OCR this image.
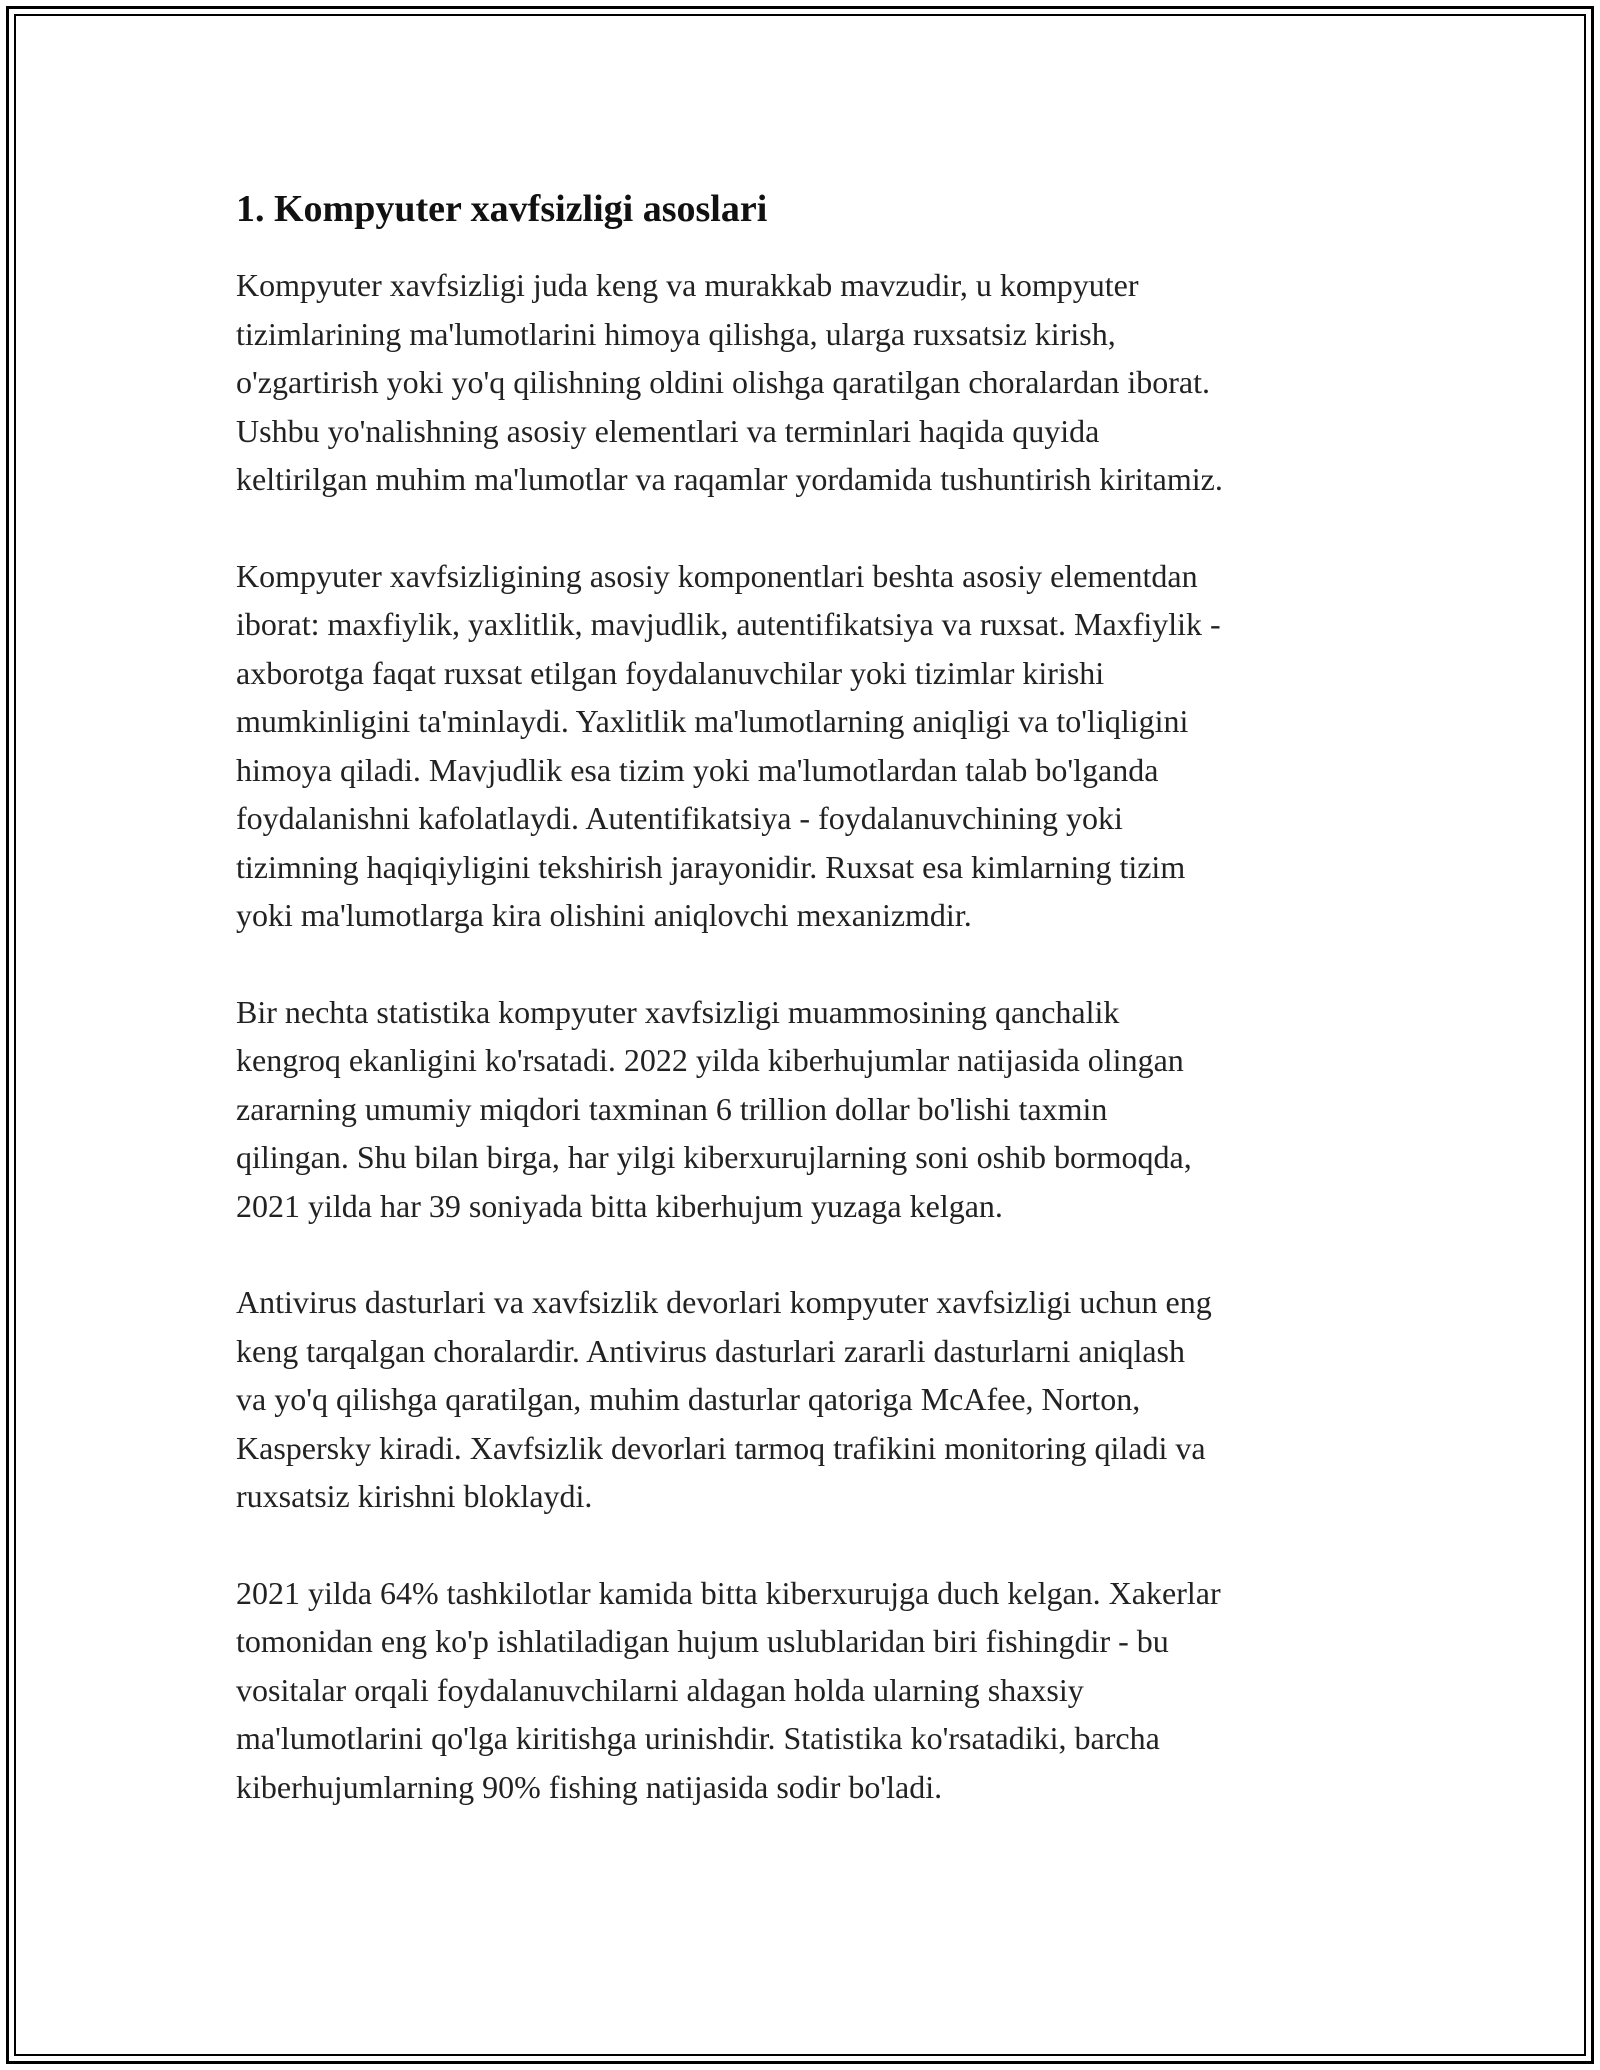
1. Kompyuter xavfsizligi asoslari

Kompyuter xavfsizligi juda keng va murakkab mavzudir, u kompyuter
tizimlarining ma'lumotlarini himoya qilishga, ularga ruxsatsiz kirish,
o'zgartirish yoki yo'q qilishning oldini olishga qaratilgan choralardan iborat.
Ushbu yo'nalishning asosiy elementlari va terminlari haqida quyida
keltirilgan muhim ma'lumotlar va raqamlar yordamida tushuntirish kiritamiz.

Kompyuter xavfsizligining asosiy komponentlari beshta asosiy elementdan
iborat: maxfiylik, yaxlitlik, mavjudlik, autentifikatsiya va ruxsat. Maxfiylik -
axborotga faqat ruxsat etilgan foydalanuvchilar yoki tizimlar kirishi
mumkinligini ta'minlaydi. Yaxlitlik ma'lumotlarning aniqligi va to'liqligini
himoya qiladi. Mavjudlik esa tizim yoki ma'lumotlardan talab bo'lganda
foydalanishni kafolatlaydi. Autentifikatsiya - foydalanuvchining yoki
tizimning haqiqiyligini tekshirish jarayonidir. Ruxsat esa kimlarning tizim
yoki ma'lumotlarga kira olishini aniqlovchi mexanizmdir.

Bir nechta statistika kompyuter xavfsizligi muammosining qanchalik
kengroq ekanligini ko'rsatadi. 2022 yilda kiberhujumlar natijasida olingan
zararning umumiy miqdori taxminan 6 trillion dollar bo'lishi taxmin
qilingan. Shu bilan birga, har yilgi kiberxurujlarning soni oshib bormoqda,
2021 yilda har 39 soniyada bitta kiberhujum yuzaga kelgan.

Antivirus dasturlari va xavfsizlik devorlari kompyuter xavfsizligi uchun eng
keng tarqalgan choralardir. Antivirus dasturlari zararli dasturlarni aniqlash
va yo'q qilishga qaratilgan, muhim dasturlar qatoriga McAfee, Norton,
Kaspersky kiradi. Xavfsizlik devorlari tarmoq trafikini monitoring qiladi va
ruxsatsiz kirishni bloklaydi.

2021 yilda 64% tashkilotlar kamida bitta kiberxurujga duch kelgan. Xakerlar
tomonidan eng ko'p ishlatiladigan hujum uslublaridan biri fishingdir - bu
vositalar orqali foydalanuvchilarni aldagan holda ularning shaxsiy
ma'lumotlarini qo'lga kiritishga urinishdir. Statistika ko'rsatadiki, barcha
kiberhujumlarning 90% fishing natijasida sodir bo'ladi.
